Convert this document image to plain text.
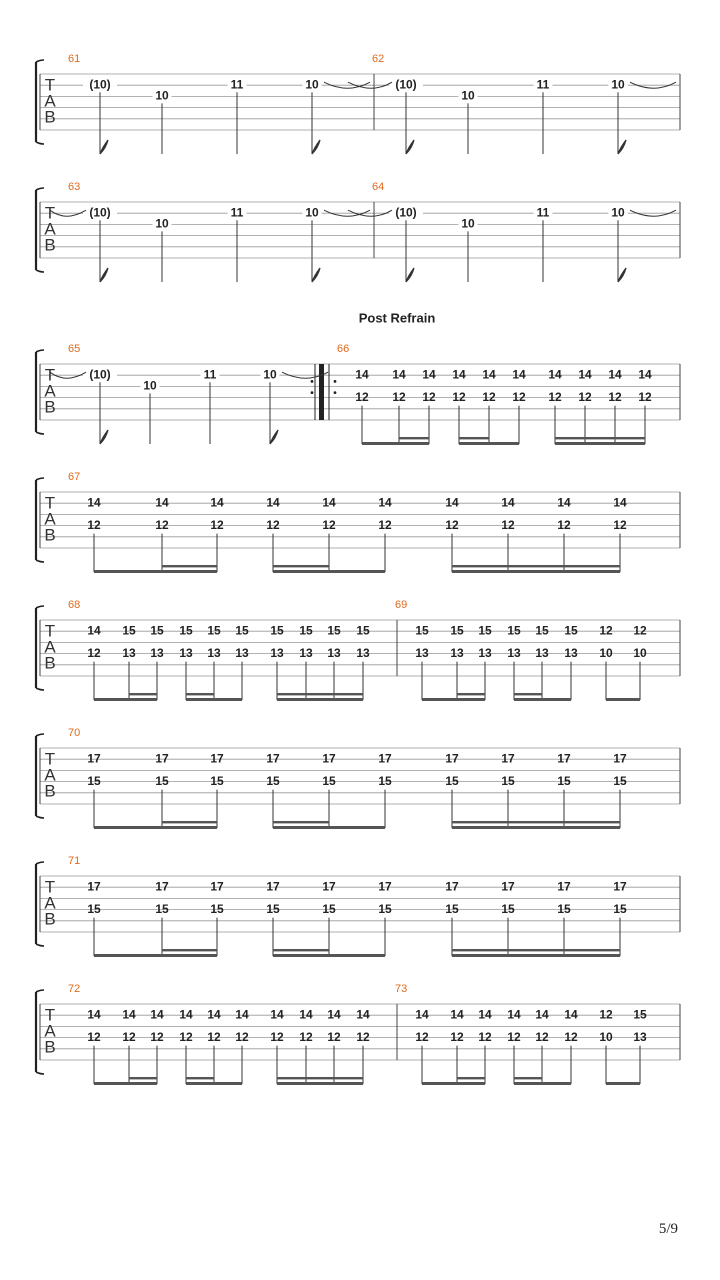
Post Refrain
T
A
B
61
(10)
10
11	10
62
(10)
10
11	10
T
A
B
63
(10)
10
11	10
64
(10)
10
11	10
T
A
B
65
(10)
10
11	10
66
14
12
14
12
14
12
14
12
14
12
14
12
14
12
14
12
14
12
14
12
T
A
B
67
14
12
14
12
14
12
14
12
14
12
14
12
14
12
14
12
14
12
14
12
T
A
B
68
14
12
15
13
15
13
15
13
15
13
15
13
15
13
15
13
15
13
15
13
69
15
13
15
13
15
13
15
13
15
13
15
13
12
10
12
10
T
A
B
70
17
15
17
15
17
15
17
15
17
15
17
15
17
15
17
15
17
15
17
15
T
A
B
71
17
15
17
15
17
15
17
15
17
15
17
15
17
15
17
15
17
15
17
15
T
A
B
72
14
12
14
12
14
12
14
12
14
12
14
12
14
12
14
12
14
12
14
12
73
14
12
14
12
14
12
14
12
14
12
14
12
12
10
15
13
5/9
